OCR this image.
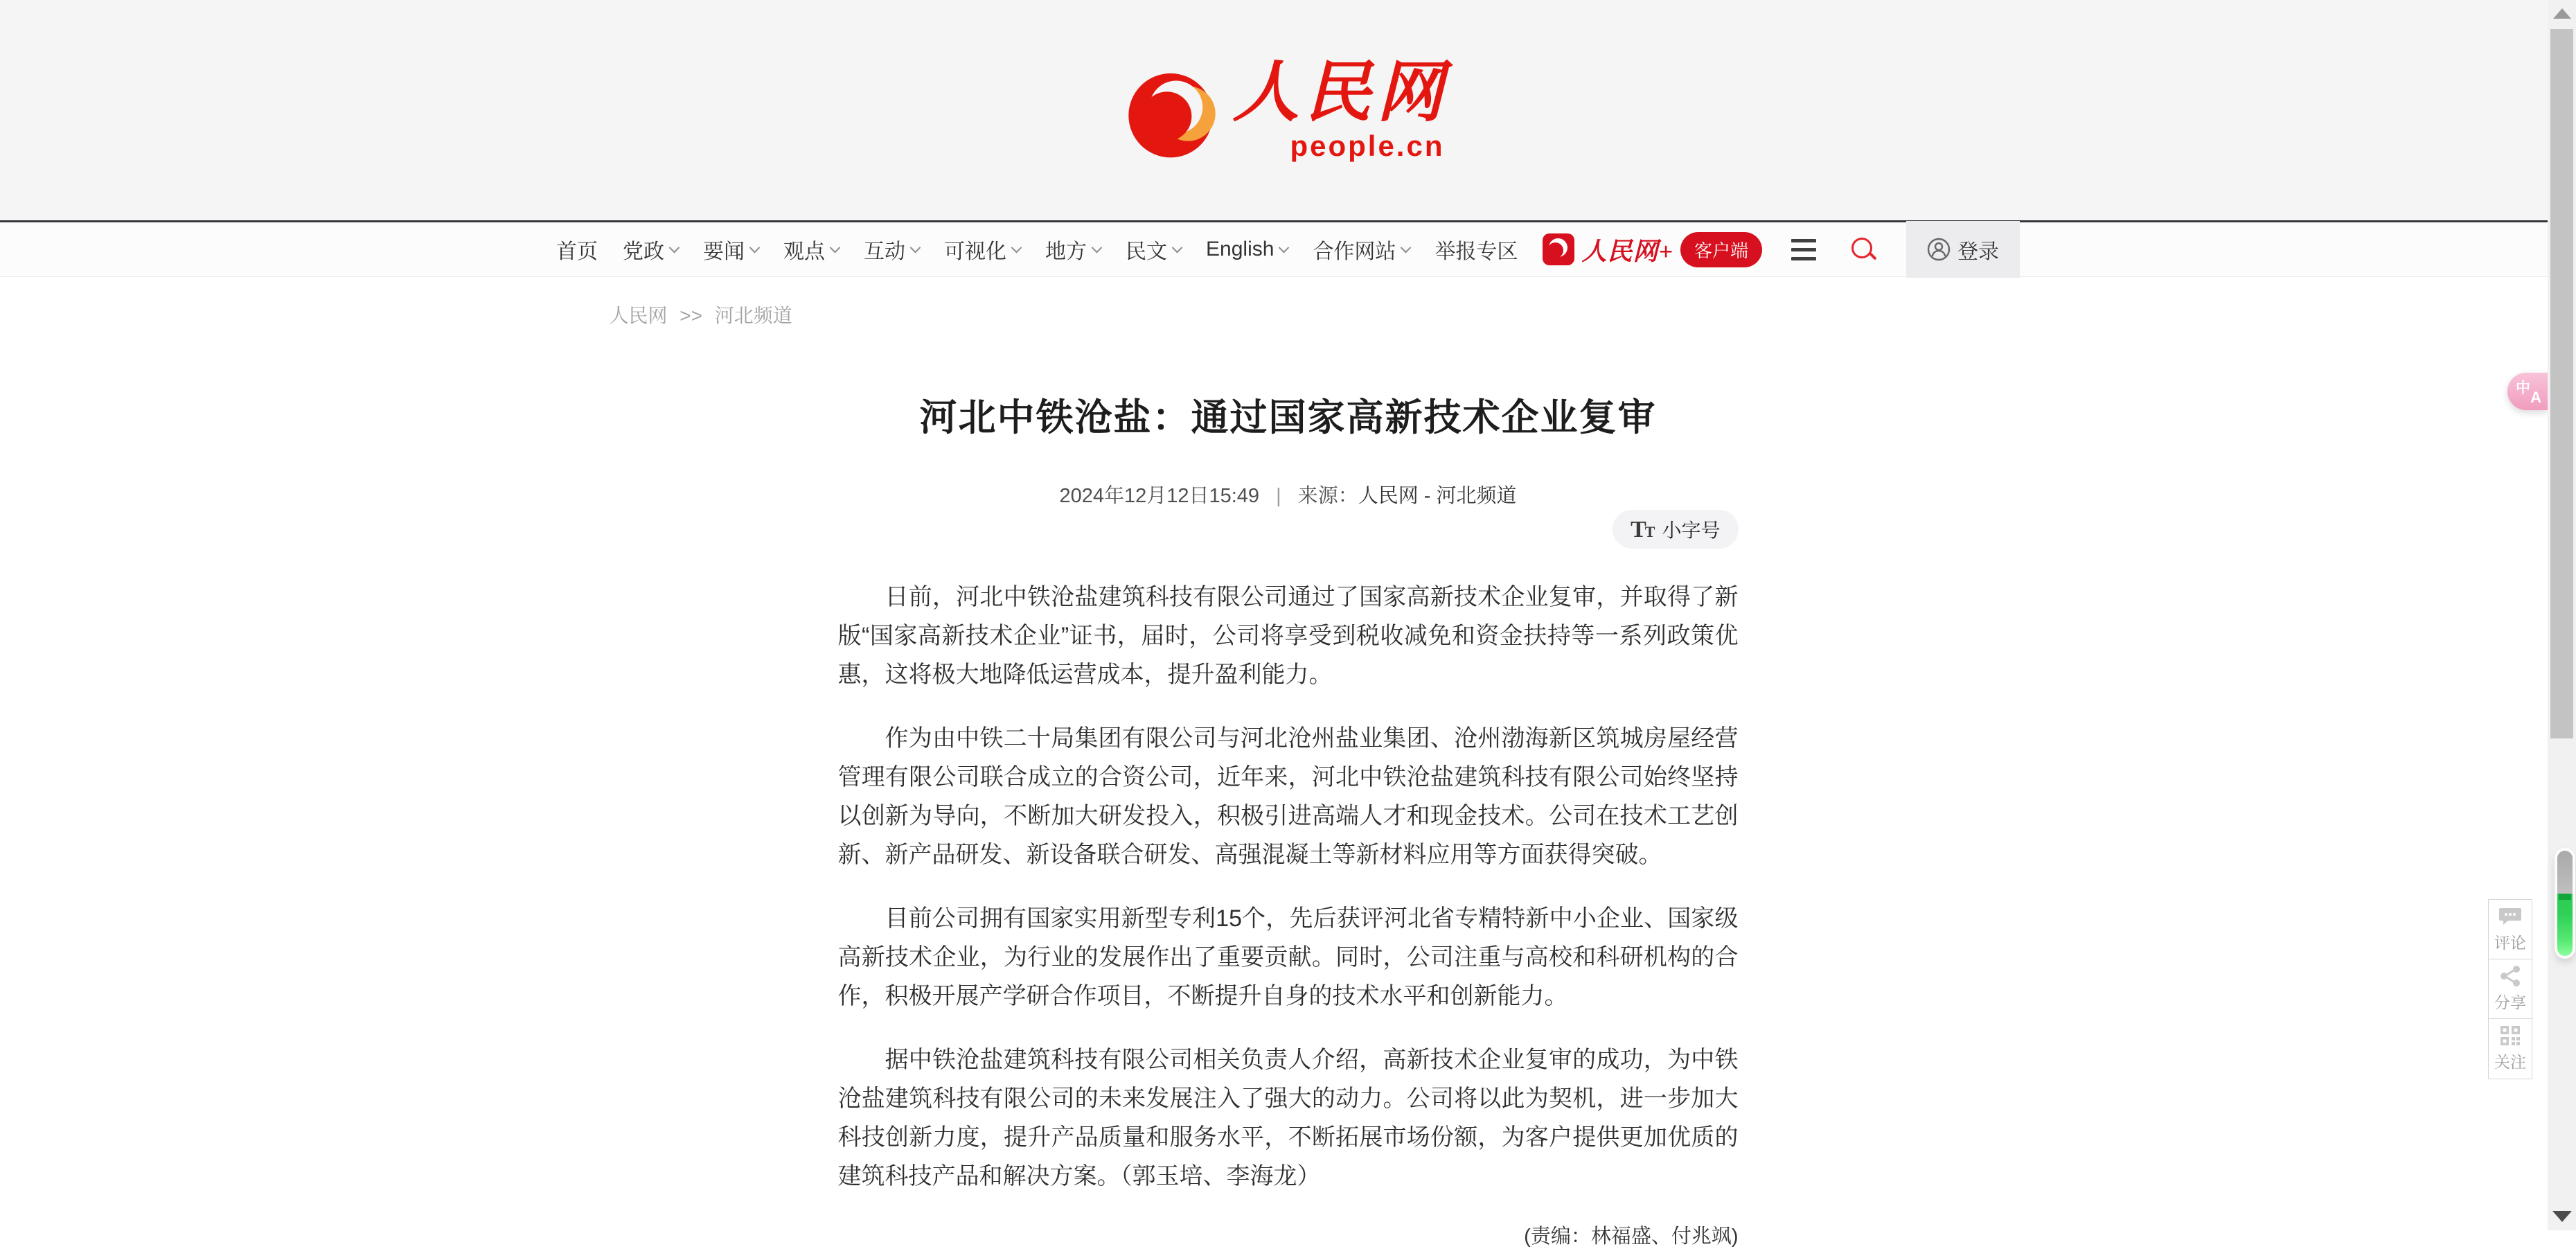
人民网
people.cn
首页 党政 要闻 观点 互动 可视化 地方 民文 English 合作网站 举报专区	人民网+	客户端	登录
人民网 >> 河北频道
河北中铁沧盐：通过国家高新技术企业复审
2024年12月12日15:49 | 来源：人民网 - 河北频道
TT 小字号

日前，河北中铁沧盐建筑科技有限公司通过了国家高新技术企业复审，并取得了新版“国家高新技术企业”证书，届时，公司将享受到税收减免和资金扶持等一系列政策优惠，这将极大地降低运营成本，提升盈利能力。

作为由中铁二十局集团有限公司与河北沧州盐业集团、沧州渤海新区筑城房屋经营管理有限公司联合成立的合资公司，近年来，河北中铁沧盐建筑科技有限公司始终坚持以创新为导向，不断加大研发投入，积极引进高端人才和现金技术。公司在技术工艺创新、新产品研发、新设备联合研发、高强混凝土等新材料应用等方面获得突破。

目前公司拥有国家实用新型专利15个，先后获评河北省专精特新中小企业、国家级高新技术企业，为行业的发展作出了重要贡献。同时，公司注重与高校和科研机构的合作，积极开展产学研合作项目，不断提升自身的技术水平和创新能力。

据中铁沧盐建筑科技有限公司相关负责人介绍，高新技术企业复审的成功，为中铁沧盐建筑科技有限公司的未来发展注入了强大的动力。公司将以此为契机，进一步加大科技创新力度，提升产品质量和服务水平，不断拓展市场份额，为客户提供更加优质的建筑科技产品和解决方案。（郭玉培、李海龙）

(责编：林福盛、付兆飒)
评论
分享
关注
中
A
